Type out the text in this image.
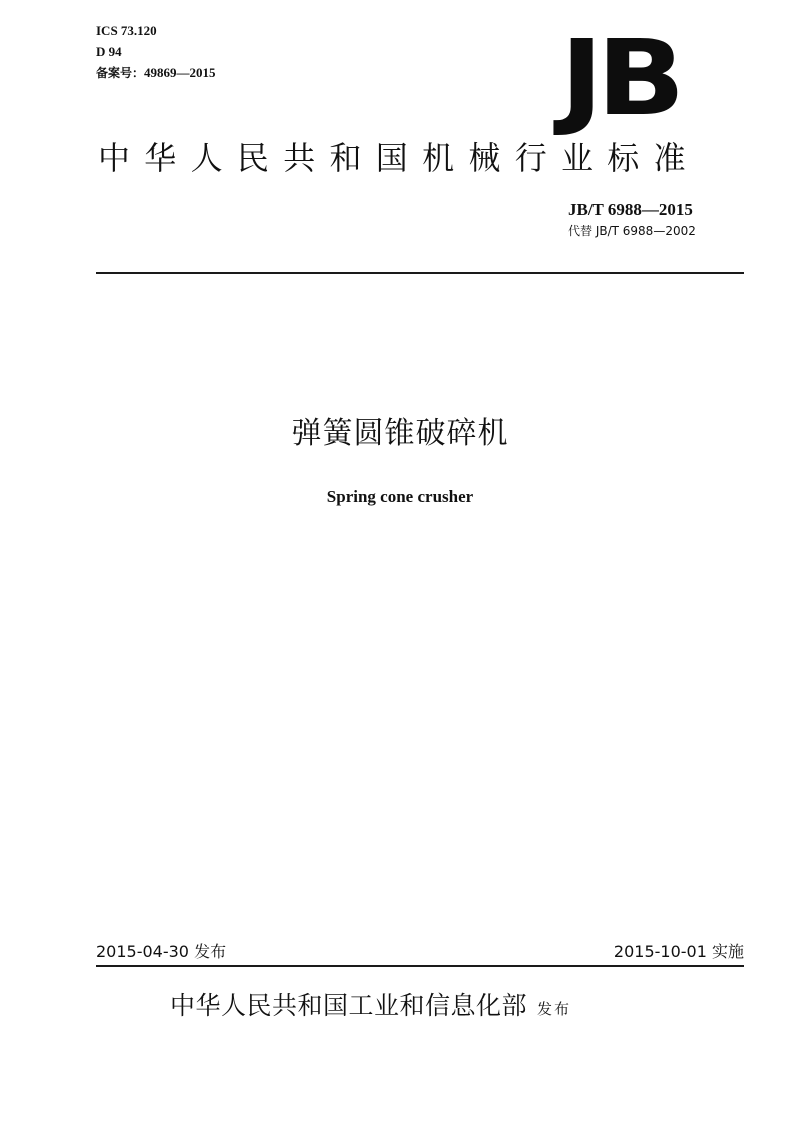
ICS 73.120
D 94
备案号：49869—2015	JB
中华人民共和国机械行业标准
JB/T 6988—2015
代替 JB/T 6988—2002
弹簧圆锥破碎机
Spring cone crusher
2015-04-30 发布	2015-10-01 实施
中华人民共和国工业和信息化部 发布
